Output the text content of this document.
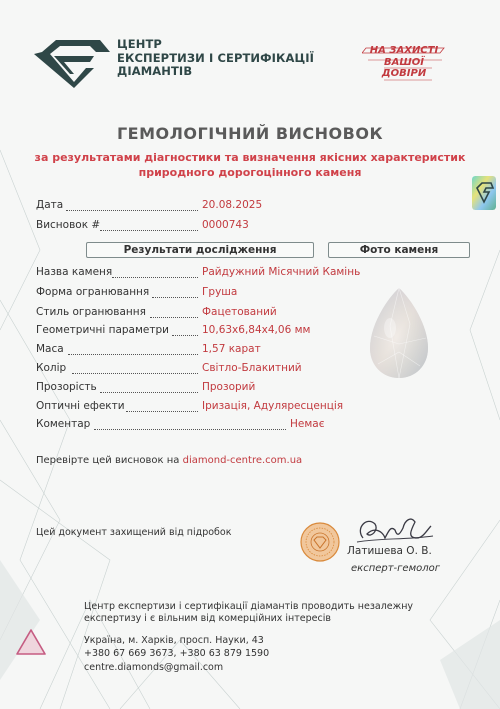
ЦЕНТР
ЕКСПЕРТИЗИ І СЕРТИФІКАЦІЇ
ДІАМАНТІВ
НА ЗАХИСТІ
ВАШОЇ
ДОВІРИ
ГЕМОЛОГІЧНИЙ ВИСНОВОК
за результатами діагностики та визначення якісних характеристик
природного дорогоцінного каменя
Дата	20.08.2025
Висновок #	0000743
Результати дослідження	Фото каменя
Назва каменя	Райдужний Місячний Камінь
Форма огранювання	Груша
Стиль огранювання	Фацетований
Геометричні параметри	10,63x6,84x4,06 мм
Маса	1,57 карат
Колір	Світло-Блакитний
Прозорість	Прозорий
Оптичні ефекти	Іризація, Адуляресценція
Коментар	Немає
Перевірте цей висновок на diamond-centre.com.ua
Цей документ захищений від підробок
Латишева О. В.
експерт-гемолог
Центр експертизи і сертифікації діамантів проводить незалежну
експертизу і є вільним від комерційних інтересів
Україна, м. Харків, просп. Науки, 43
+380 67 669 3673, +380 63 879 1590
centre.diamonds@gmail.com
